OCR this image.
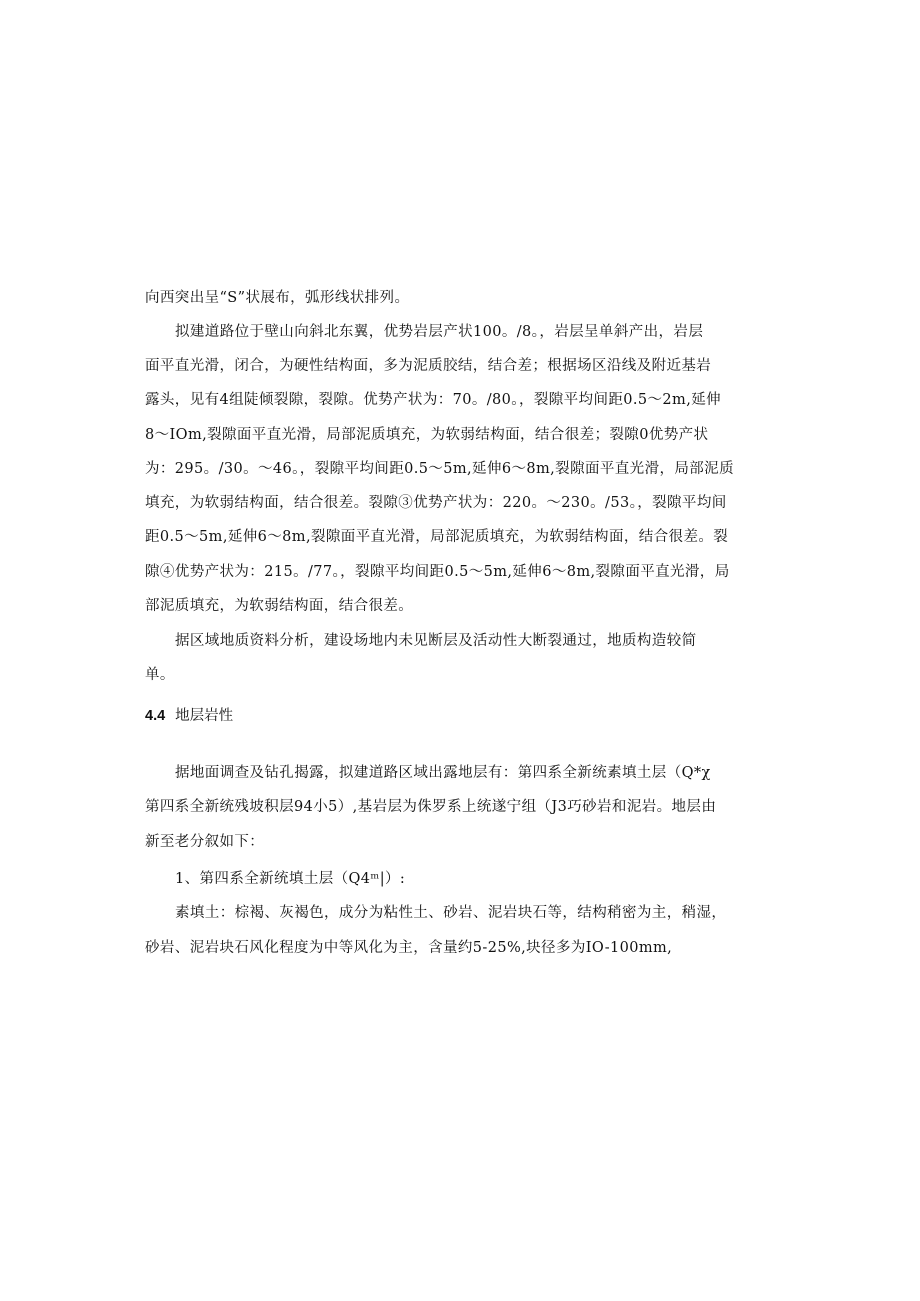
向西突出呈“S”状展布，弧形线状排列。
拟建道路位于壁山向斜北东翼，优势岩层产状100。/8。，岩层呈单斜产出，岩层
面平直光滑，闭合，为硬性结构面，多为泥质胶结，结合差；根据场区沿线及附近基岩
露头，见有4组陡倾裂隙，裂隙。优势产状为：70。/80。，裂隙平均间距0.5～2m,延伸
8～IOm,裂隙面平直光滑，局部泥质填充，为软弱结构面，结合很差；裂隙0优势产状
为：295。/30。～46。，裂隙平均间距0.5～5m,延伸6～8m,裂隙面平直光滑，局部泥质
填充，为软弱结构面，结合很差。裂隙③优势产状为：220。～230。/53。，裂隙平均间
距0.5～5m,延伸6～8m,裂隙面平直光滑，局部泥质填充，为软弱结构面，结合很差。裂
隙④优势产状为：215。/77。，裂隙平均间距0.5～5m,延伸6～8m,裂隙面平直光滑，局
部泥质填充，为软弱结构面，结合很差。
据区域地质资料分析，建设场地内未见断层及活动性大断裂通过，地质构造较简
单。
4.4 地层岩性
据地面调查及钻孔揭露，拟建道路区域出露地层有：第四系全新统素填土层（Q*χ
第四系全新统残坡积层94小5）,基岩层为侏罗系上统遂宁组（J3巧砂岩和泥岩。地层由
新至老分叙如下：
1、第四系全新统填土层（Q4ᵐ|）:
素填土：棕褐、灰褐色，成分为粘性土、砂岩、泥岩块石等，结构稍密为主，稍湿，
砂岩、泥岩块石风化程度为中等风化为主，含量约5-25%,块径多为IO-100mm,
